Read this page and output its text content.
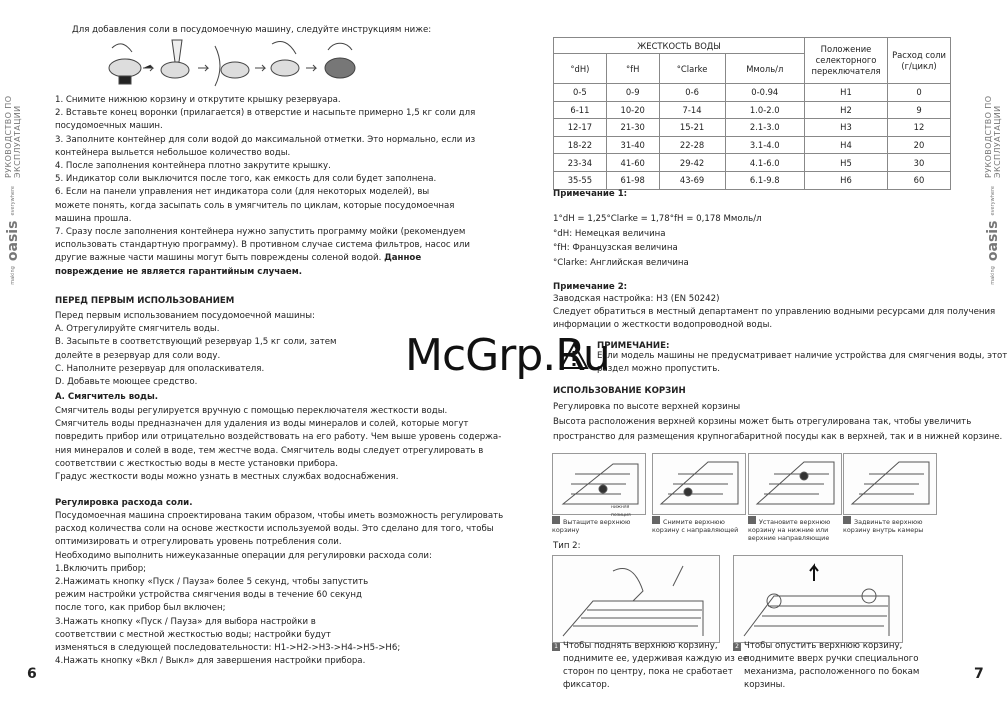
РУКОВОДСТВО ПО ЭКСПЛУАТАЦИИ
making oasis everywhere
РУКОВОДСТВО ПО ЭКСПЛУАТАЦИИ
making oasis everywhere
Для добавления соли в посудомоечную машину, следуйте инструкциям ниже:
1. Снимите нижнюю корзину и открутите крышку резервуара.
2. Вставьте конец воронки (прилагается) в отверстие и насыпьте примерно 1,5 кг соли для
посудомоечных машин.
3. Заполните контейнер для соли водой до максимальной отметки. Это нормально, если из
контейнера выльется небольшое количество воды.
4. После заполнения контейнера плотно закрутите крышку.
5. Индикатор соли выключится после того, как емкость для соли будет заполнена.
6. Если на панели управления нет индикатора соли (для некоторых моделей), вы
можете понять, когда засыпать соль в умягчитель по циклам, которые посудомоечная
машина прошла.
7. Сразу после заполнения контейнера нужно запустить программу мойки (рекомендуем
использовать стандартную программу). В противном случае система фильтров, насос или
другие важные части машины могут быть повреждены соленой водой. Данное
повреждение не является гарантийным случаем.
ПЕРЕД ПЕРВЫМ ИСПОЛЬЗОВАНИЕМ
Перед первым использованием посудомоечной машины:
A. Отрегулируйте смягчитель воды.
B. Засыпьте в соответствующий резервуар 1,5 кг соли, затем
долейте в резервуар для соли воду.
C. Наполните резервуар для ополаскивателя.
D. Добавьте моющее средство.
А. Смягчитель воды.
Смягчитель воды регулируется вручную с помощью переключателя жесткости воды.
Смягчитель воды предназначен для удаления из воды минералов и солей, которые могут
повредить прибор или отрицательно воздействовать на его работу. Чем выше уровень содержа-
ния минералов и солей в воде, тем жестче вода. Смягчитель воды следует отрегулировать в
соответствии с жесткостью воды в месте установки прибора.
Градус жесткости воды можно узнать в местных службах водоснабжения.
Регулировка расхода соли.
Посудомоечная машина спроектирована таким образом, чтобы иметь возможность регулировать
расход количества соли на основе жесткости используемой воды. Это сделано для того, чтобы
оптимизировать и отрегулировать уровень потребления соли.
Необходимо выполнить нижеуказанные операции для регулировки расхода соли:
1.Включить прибор;
2.Нажимать кнопку «Пуск / Пауза» более 5 секунд, чтобы запустить
режим настройки устройства смягчения воды в течение 60 секунд
после того, как прибор был включен;
3.Нажать кнопку «Пуск / Пауза» для выбора настройки в
соответствии с местной жесткостью воды; настройки будут
изменяться в следующей последовательности: H1->H2->H3->H4->H5->H6;
4.Нажать кнопку «Вкл / Выкл» для завершения настройки прибора.
6
ЖЕСТКОСТЬ ВОДЫ				Положение селекторного переключателя	Расход соли (г/цикл)
°dH)	°fH	°Clarke	Ммоль/л		
0-5	0-9	0-6	0-0.94	H1	0
6-11	10-20	7-14	1.0-2.0	H2	9
12-17	21-30	15-21	2.1-3.0	H3	12
18-22	31-40	22-28	3.1-4.0	H4	20
23-34	41-60	29-42	4.1-6.0	H5	30
35-55	61-98	43-69	6.1-9.8	H6	60
Примечание 1:
1°dH = 1,25°Clarke = 1,78°fH = 0,178 Ммоль/л
°dH: Немецкая величина
°fH: Французская величина
°Clarke: Английская величина
Примечание 2:
Заводская настройка: H3 (EN 50242)
Следует обратиться в местный департамент по управлению водными ресурсами для получения
информации о жесткости водопроводной воды.
ПРИМЕЧАНИЕ:
Если модель машины не предусматривает наличие устройства для смягчения воды, этот
раздел можно пропустить.
McGrp.Ru
ИСПОЛЬЗОВАНИЕ КОРЗИН
Регулировка по высоте верхней корзины
Высота расположения верхней корзины может быть отрегулирована так, чтобы увеличить
пространство для размещения крупногабаритной посуды как в верхней, так и в нижней корзине.
нижняя позиция
Вытащите верхнюю корзину
Снимите верхнюю корзину с направляющей
Установите верхнюю корзину на нижние или верхние направляющие
Задвиньте верхнюю корзину внутрь камеры
Тип 2:
1 Чтобы поднять верхнюю корзину,
поднимите ее, удерживая каждую из ее
сторон по центру, пока не сработает
фиксатор.
2 Чтобы опустить верхнюю корзину,
поднимите вверх ручки специального
механизма, расположенного по бокам
корзины.
7
